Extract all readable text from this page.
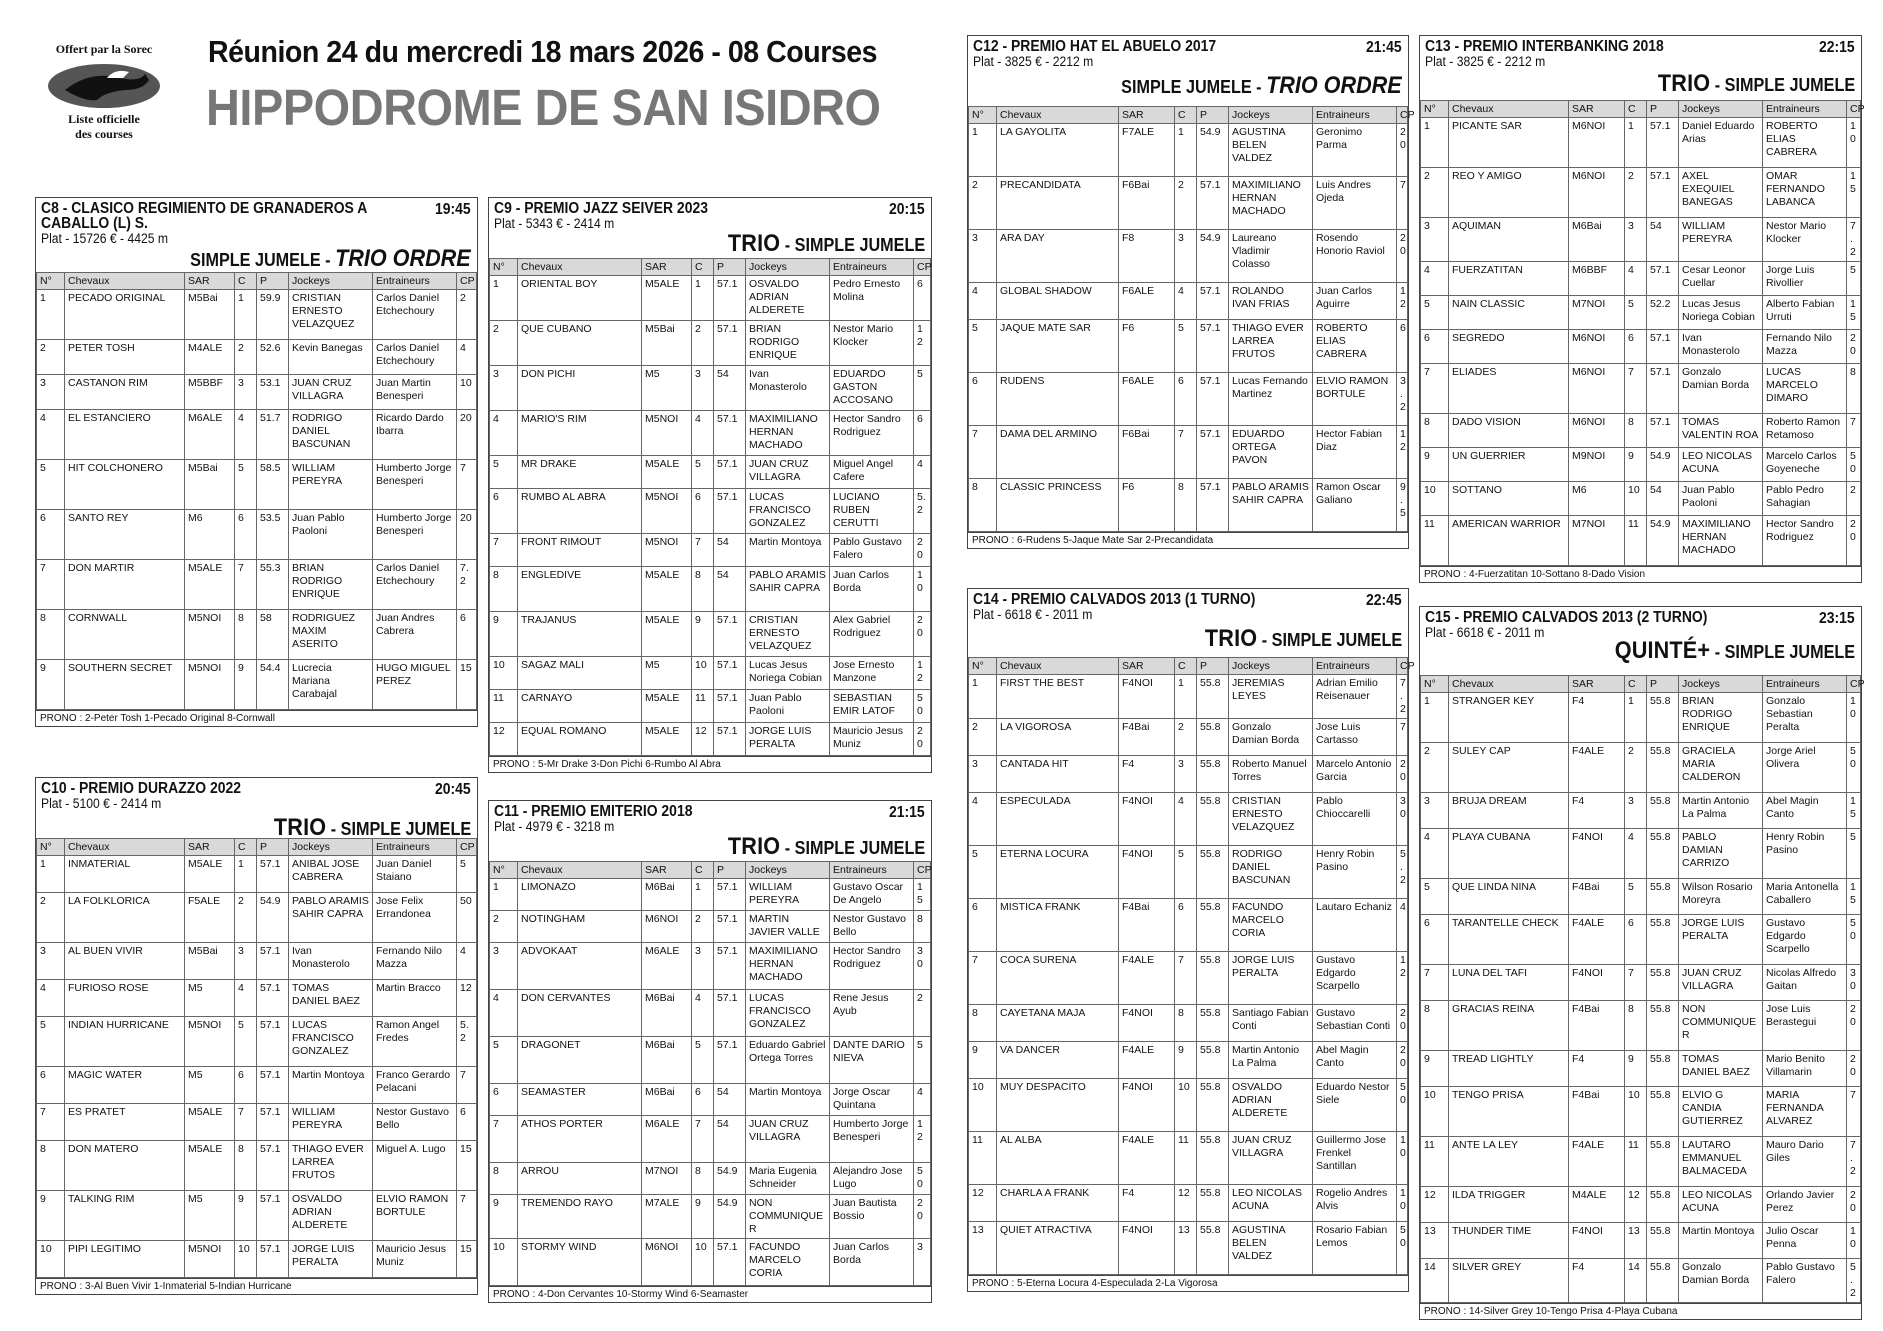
Offert par la Sorec
Liste officielle
des courses
Réunion 24 du mercredi 18 mars 2026 - 08 Courses
HIPPODROME DE SAN ISIDRO
C8 - CLASICO REGIMIENTO DE GRANADEROS A CABALLO (L) S.
19:45
Plat - 15726 € - 4425 m
SIMPLE JUMELE - TRIO ORDRE
N°	Chevaux	SAR	C	P	Jockeys	Entraineurs	CP
1	PECADO ORIGINAL	M5Bai	1	59.9	CRISTIAN ERNESTO VELAZQUEZ	Carlos Daniel Etchechoury	2
2	PETER TOSH	M4ALE	2	52.6	Kevin Banegas	Carlos Daniel Etchechoury	4
3	CASTANON RIM	M5BBF	3	53.1	JUAN CRUZ VILLAGRA	Juan Martin Benesperi	10
4	EL ESTANCIERO	M6ALE	4	51.7	RODRIGO DANIEL BASCUNAN	Ricardo Dardo Ibarra	20
5	HIT COLCHONERO	M5Bai	5	58.5	WILLIAM PEREYRA	Humberto Jorge Benesperi	7
6	SANTO REY	M6	6	53.5	Juan Pablo Paoloni	Humberto Jorge Benesperi	20
7	DON MARTIR	M5ALE	7	55.3	BRIAN RODRIGO ENRIQUE	Carlos Daniel Etchechoury	7.2
8	CORNWALL	M5NOI	8	58	RODRIGUEZ MAXIM ASERITO	Juan Andres Cabrera	6
9	SOUTHERN SECRET	M5NOI	9	54.4	Lucrecia Mariana Carabajal	HUGO MIGUEL PEREZ	15
PRONO : 2-Peter Tosh 1-Pecado Original 8-Cornwall
C9 - PREMIO JAZZ SEIVER 2023	20:15
Plat - 5343 € - 2414 m
TRIO - SIMPLE JUMELE
N°	Chevaux	SAR	C	P	Jockeys	Entraineurs	CP
1	ORIENTAL BOY	M5ALE	1	57.1	OSVALDO ADRIAN ALDERETE	Pedro Ernesto Molina	6
2	QUE CUBANO	M5Bai	2	57.1	BRIAN RODRIGO ENRIQUE	Nestor Mario Klocker	12
3	DON PICHI	M5	3	54	Ivan Monasterolo	EDUARDO GASTON ACCOSANO	5
4	MARIO'S RIM	M5NOI	4	57.1	MAXIMILIANO HERNAN MACHADO	Hector Sandro Rodriguez	6
5	MR DRAKE	M5ALE	5	57.1	JUAN CRUZ VILLAGRA	Miguel Angel Cafere	4
6	RUMBO AL ABRA	M5NOI	6	57.1	LUCAS FRANCISCO GONZALEZ	LUCIANO RUBEN CERUTTI	5.2
7	FRONT RIMOUT	M5NOI	7	54	Martin Montoya	Pablo Gustavo Falero	20
8	ENGLEDIVE	M5ALE	8	54	PABLO ARAMIS SAHIR CAPRA	Juan Carlos Borda	10
9	TRAJANUS	M5ALE	9	57.1	CRISTIAN ERNESTO VELAZQUEZ	Alex Gabriel Rodriguez	20
10	SAGAZ MALI	M5	10	57.1	Lucas Jesus Noriega Cobian	Jose Ernesto Manzone	12
11	CARNAYO	M5ALE	11	57.1	Juan Pablo Paoloni	SEBASTIAN EMIR LATOF	50
12	EQUAL ROMANO	M5ALE	12	57.1	JORGE LUIS PERALTA	Mauricio Jesus Muniz	20
PRONO : 5-Mr Drake 3-Don Pichi 6-Rumbo Al Abra
C10 - PREMIO DURAZZO 2022	20:45
Plat - 5100 € - 2414 m
TRIO - SIMPLE JUMELE
N°	Chevaux	SAR	C	P	Jockeys	Entraineurs	CP
1	INMATERIAL	M5ALE	1	57.1	ANIBAL JOSE CABRERA	Juan Daniel Staiano	5
2	LA FOLKLORICA	F5ALE	2	54.9	PABLO ARAMIS SAHIR CAPRA	Jose Felix Errandonea	50
3	AL BUEN VIVIR	M5Bai	3	57.1	Ivan Monasterolo	Fernando Nilo Mazza	4
4	FURIOSO ROSE	M5	4	57.1	TOMAS DANIEL BAEZ	Martin Bracco	12
5	INDIAN HURRICANE	M5NOI	5	57.1	LUCAS FRANCISCO GONZALEZ	Ramon Angel Fredes	5.2
6	MAGIC WATER	M5	6	57.1	Martin Montoya	Franco Gerardo Pelacani	7
7	ES PRATET	M5ALE	7	57.1	WILLIAM PEREYRA	Nestor Gustavo Bello	6
8	DON MATERO	M5ALE	8	57.1	THIAGO EVER LARREA FRUTOS	Miguel A. Lugo	15
9	TALKING RIM	M5	9	57.1	OSVALDO ADRIAN ALDERETE	ELVIO RAMON BORTULE	7
10	PIPI LEGITIMO	M5NOI	10	57.1	JORGE LUIS PERALTA	Mauricio Jesus Muniz	15
PRONO : 3-Al Buen Vivir 1-Inmaterial 5-Indian Hurricane
C11 - PREMIO EMITERIO 2018	21:15
Plat - 4979 € - 3218 m
TRIO - SIMPLE JUMELE
N°	Chevaux	SAR	C	P	Jockeys	Entraineurs	CP
1	LIMONAZO	M6Bai	1	57.1	WILLIAM PEREYRA	Gustavo Oscar De Angelo	15
2	NOTINGHAM	M6NOI	2	57.1	MARTIN JAVIER VALLE	Nestor Gustavo Bello	8
3	ADVOKAAT	M6ALE	3	57.1	MAXIMILIANO HERNAN MACHADO	Hector Sandro Rodriguez	30
4	DON CERVANTES	M6Bai	4	57.1	LUCAS FRANCISCO GONZALEZ	Rene Jesus Ayub	2
5	DRAGONET	M6Bai	5	57.1	Eduardo Gabriel Ortega Torres	DANTE DARIO NIEVA	5
6	SEAMASTER	M6Bai	6	54	Martin Montoya	Jorge Oscar Quintana	4
7	ATHOS PORTER	M6ALE	7	54	JUAN CRUZ VILLAGRA	Humberto Jorge Benesperi	12
8	ARROU	M7NOI	8	54.9	Maria Eugenia Schneider	Alejandro Jose Lugo	50
9	TREMENDO RAYO	M7ALE	9	54.9	NON COMMUNIQUE R	Juan Bautista Bossio	20
10	STORMY WIND	M6NOI	10	57.1	FACUNDO MARCELO CORIA	Juan Carlos Borda	3
PRONO : 4-Don Cervantes 10-Stormy Wind 6-Seamaster
C12 - PREMIO HAT EL ABUELO 2017	21:45
Plat - 3825 € - 2212 m
SIMPLE JUMELE - TRIO ORDRE
N°	Chevaux	SAR	C	P	Jockeys	Entraineurs	CP
1	LA GAYOLITA	F7ALE	1	54.9	AGUSTINA BELEN VALDEZ	Geronimo Parma	20
2	PRECANDIDATA	F6Bai	2	57.1	MAXIMILIANO HERNAN MACHADO	Luis Andres Ojeda	7
3	ARA DAY	F8	3	54.9	Laureano Vladimir Colasso	Rosendo Honorio Raviol	20
4	GLOBAL SHADOW	F6ALE	4	57.1	ROLANDO IVAN FRIAS	Juan Carlos Aguirre	12
5	JAQUE MATE SAR	F6	5	57.1	THIAGO EVER LARREA FRUTOS	ROBERTO ELIAS CABRERA	6
6	RUDENS	F6ALE	6	57.1	Lucas Fernando Martinez	ELVIO RAMON BORTULE	3.2
7	DAMA DEL ARMINO	F6Bai	7	57.1	EDUARDO ORTEGA PAVON	Hector Fabian Diaz	12
8	CLASSIC PRINCESS	F6	8	57.1	PABLO ARAMIS SAHIR CAPRA	Ramon Oscar Galiano	9.5
PRONO : 6-Rudens 5-Jaque Mate Sar 2-Precandidata
C13 - PREMIO INTERBANKING 2018	22:15
Plat - 3825 € - 2212 m
TRIO - SIMPLE JUMELE
N°	Chevaux	SAR	C	P	Jockeys	Entraineurs	CP
1	PICANTE SAR	M6NOI	1	57.1	Daniel Eduardo Arias	ROBERTO ELIAS CABRERA	10
2	REO Y AMIGO	M6NOI	2	57.1	AXEL EXEQUIEL BANEGAS	OMAR FERNANDO LABANCA	15
3	AQUIMAN	M6Bai	3	54	WILLIAM PEREYRA	Nestor Mario Klocker	7.2
4	FUERZATITAN	M6BBF	4	57.1	Cesar Leonor Cuellar	Jorge Luis Rivollier	5
5	NAIN CLASSIC	M7NOI	5	52.2	Lucas Jesus Noriega Cobian	Alberto Fabian Urruti	15
6	SEGREDO	M6NOI	6	57.1	Ivan Monasterolo	Fernando Nilo Mazza	20
7	ELIADES	M6NOI	7	57.1	Gonzalo Damian Borda	LUCAS MARCELO DIMARO	8
8	DADO VISION	M6NOI	8	57.1	TOMAS VALENTIN ROA	Roberto Ramon Retamoso	7
9	UN GUERRIER	M9NOI	9	54.9	LEO NICOLAS ACUNA	Marcelo Carlos Goyeneche	50
10	SOTTANO	M6	10	54	Juan Pablo Paoloni	Pablo Pedro Sahagian	2
11	AMERICAN WARRIOR	M7NOI	11	54.9	MAXIMILIANO HERNAN MACHADO	Hector Sandro Rodriguez	20
PRONO : 4-Fuerzatitan 10-Sottano 8-Dado Vision
C14 - PREMIO CALVADOS 2013 (1 TURNO)	22:45
Plat - 6618 € - 2011 m
TRIO - SIMPLE JUMELE
N°	Chevaux	SAR	C	P	Jockeys	Entraineurs	CP
1	FIRST THE BEST	F4NOI	1	55.8	JEREMIAS LEYES	Adrian Emilio Reisenauer	7.2
2	LA VIGOROSA	F4Bai	2	55.8	Gonzalo Damian Borda	Jose Luis Cartasso	7
3	CANTADA HIT	F4	3	55.8	Roberto Manuel Torres	Marcelo Antonio Garcia	20
4	ESPECULADA	F4NOI	4	55.8	CRISTIAN ERNESTO VELAZQUEZ	Pablo Chioccarelli	30
5	ETERNA LOCURA	F4NOI	5	55.8	RODRIGO DANIEL BASCUNAN	Henry Robin Pasino	5.2
6	MISTICA FRANK	F4Bai	6	55.8	FACUNDO MARCELO CORIA	Lautaro Echaniz	4
7	COCA SURENA	F4ALE	7	55.8	JORGE LUIS PERALTA	Gustavo Edgardo Scarpello	12
8	CAYETANA MAJA	F4NOI	8	55.8	Santiago Fabian Conti	Gustavo Sebastian Conti	20
9	VA DANCER	F4ALE	9	55.8	Martin Antonio La Palma	Abel Magin Canto	20
10	MUY DESPACITO	F4NOI	10	55.8	OSVALDO ADRIAN ALDERETE	Eduardo Nestor Siele	50
11	AL ALBA	F4ALE	11	55.8	JUAN CRUZ VILLAGRA	Guillermo Jose Frenkel Santillan	10
12	CHARLA A FRANK	F4	12	55.8	LEO NICOLAS ACUNA	Rogelio Andres Alvis	10
13	QUIET ATRACTIVA	F4NOI	13	55.8	AGUSTINA BELEN VALDEZ	Rosario Fabian Lemos	50
PRONO : 5-Eterna Locura 4-Especulada 2-La Vigorosa
C15 - PREMIO CALVADOS 2013 (2 TURNO)	23:15
Plat - 6618 € - 2011 m
QUINTÉ+ - SIMPLE JUMELE
N°	Chevaux	SAR	C	P	Jockeys	Entraineurs	CP
1	STRANGER KEY	F4	1	55.8	BRIAN RODRIGO ENRIQUE	Gonzalo Sebastian Peralta	10
2	SULEY CAP	F4ALE	2	55.8	GRACIELA MARIA CALDERON	Jorge Ariel Olivera	50
3	BRUJA DREAM	F4	3	55.8	Martin Antonio La Palma	Abel Magin Canto	15
4	PLAYA CUBANA	F4NOI	4	55.8	PABLO DAMIAN CARRIZO	Henry Robin Pasino	5
5	QUE LINDA NINA	F4Bai	5	55.8	Wilson Rosario Moreyra	Maria Antonella Caballero	15
6	TARANTELLE CHECK	F4ALE	6	55.8	JORGE LUIS PERALTA	Gustavo Edgardo Scarpello	50
7	LUNA DEL TAFI	F4NOI	7	55.8	JUAN CRUZ VILLAGRA	Nicolas Alfredo Gaitan	30
8	GRACIAS REINA	F4Bai	8	55.8	NON COMMUNIQUE R	Jose Luis Berastegui	20
9	TREAD LIGHTLY	F4	9	55.8	TOMAS DANIEL BAEZ	Mario Benito Villamarin	20
10	TENGO PRISA	F4Bai	10	55.8	ELVIO G CANDIA GUTIERREZ	MARIA FERNANDA ALVAREZ	7
11	ANTE LA LEY	F4ALE	11	55.8	LAUTARO EMMANUEL BALMACEDA	Mauro Dario Giles	7.2
12	ILDA TRIGGER	M4ALE	12	55.8	LEO NICOLAS ACUNA	Orlando Javier Perez	20
13	THUNDER TIME	F4NOI	13	55.8	Martin Montoya	Julio Oscar Penna	10
14	SILVER GREY	F4	14	55.8	Gonzalo Damian Borda	Pablo Gustavo Falero	5.2
PRONO : 14-Silver Grey 10-Tengo Prisa 4-Playa Cubana
